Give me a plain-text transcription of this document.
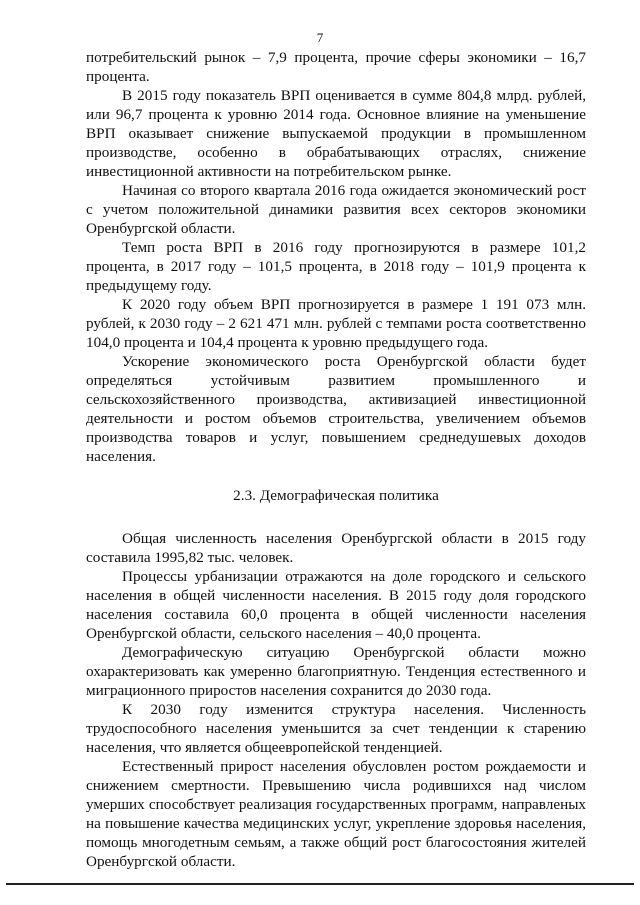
7

потребительский рынок – 7,9 процента, прочие сферы экономики – 16,7 процента.

В 2015 году показатель ВРП оценивается в сумме 804,8 млрд. рублей, или 96,7 процента к уровню 2014 года. Основное влияние на уменьшение ВРП оказывает снижение выпускаемой продукции в промышленном производстве, особенно в обрабатывающих отраслях, снижение инвестиционной активности на потребительском рынке.

Начиная со второго квартала 2016 года ожидается экономический рост с учетом положительной динамики развития всех секторов экономики Оренбургской области.

Темп роста ВРП в 2016 году прогнозируются в размере 101,2 процента, в 2017 году – 101,5 процента, в 2018 году – 101,9 процента к предыдущему году.

К 2020 году объем ВРП прогнозируется в размере 1 191 073 млн. рублей, к 2030 году – 2 621 471 млн. рублей с темпами роста соответственно 104,0 процента и 104,4 процента к уровню предыдущего года.

Ускорение экономического роста Оренбургской области будет определяться устойчивым развитием промышленного и сельскохозяйственного производства, активизацией инвестиционной деятельности и ростом объемов строительства, увеличением объемов производства товаров и услуг, повышением среднедушевых доходов населения.

2.3. Демографическая политика

Общая численность населения Оренбургской области в 2015 году составила 1995,82 тыс. человек.

Процессы урбанизации отражаются на доле городского и сельского населения в общей численности населения. В 2015 году доля городского населения составила 60,0 процента в общей численности населения Оренбургской области, сельского населения – 40,0 процента.

Демографическую ситуацию Оренбургской области можно охарактеризовать как умеренно благоприятную. Тенденция естественного и миграционного приростов населения сохранится до 2030 года.

К 2030 году изменится структура населения. Численность трудоспособного населения уменьшится за счет тенденции к старению населения, что является общеевропейской тенденцией.

Естественный прирост населения обусловлен ростом рождаемости и снижением смертности. Превышению числа родившихся над числом умерших способствует реализация государственных программ, направленых на повышение качества медицинских услуг, укрепление здоровья населения, помощь многодетным семьям, а также общий рост благосостояния жителей Оренбургской области.
